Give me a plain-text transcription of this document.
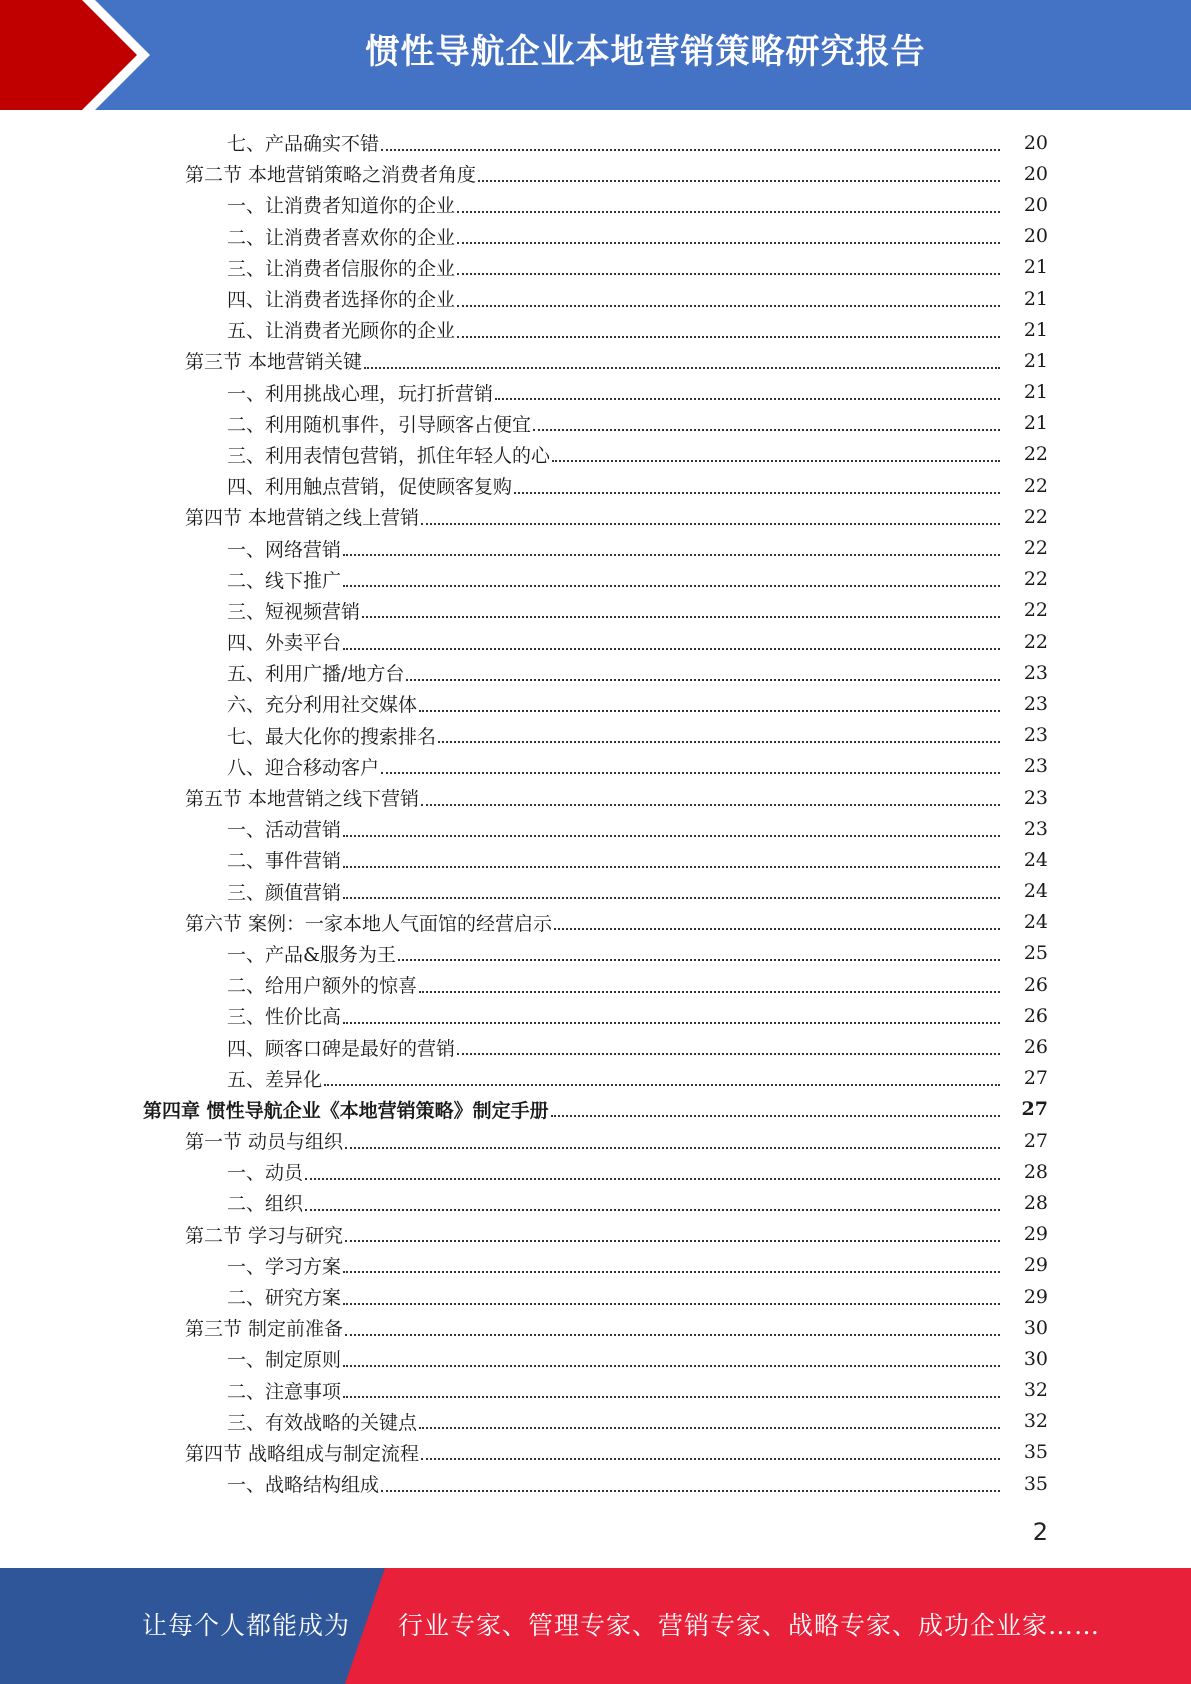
惯性导航企业本地营销策略研究报告
七、产品确实不错	20
第二节 本地营销策略之消费者角度	20
一、让消费者知道你的企业	20
二、让消费者喜欢你的企业	20
三、让消费者信服你的企业	21
四、让消费者选择你的企业	21
五、让消费者光顾你的企业	21
第三节 本地营销关键	21
一、利用挑战心理，玩打折营销	21
二、利用随机事件，引导顾客占便宜	21
三、利用表情包营销，抓住年轻人的心	22
四、利用触点营销，促使顾客复购	22
第四节 本地营销之线上营销	22
一、网络营销	22
二、线下推广	22
三、短视频营销	22
四、外卖平台	22
五、利用广播/地方台	23
六、充分利用社交媒体	23
七、最大化你的搜索排名	23
八、迎合移动客户	23
第五节 本地营销之线下营销	23
一、活动营销	23
二、事件营销	24
三、颜值营销	24
第六节 案例：一家本地人气面馆的经营启示	24
一、产品&服务为王	25
二、给用户额外的惊喜	26
三、性价比高	26
四、顾客口碑是最好的营销	26
五、差异化	27
第四章 惯性导航企业《本地营销策略》制定手册	27
第一节 动员与组织	27
一、动员	28
二、组织	28
第二节 学习与研究	29
一、学习方案	29
二、研究方案	29
第三节 制定前准备	30
一、制定原则	30
二、注意事项	32
三、有效战略的关键点	32
第四节 战略组成与制定流程	35
一、战略结构组成	35
2
让每个人都能成为 行业专家、管理专家、营销专家、战略专家、成功企业家……
